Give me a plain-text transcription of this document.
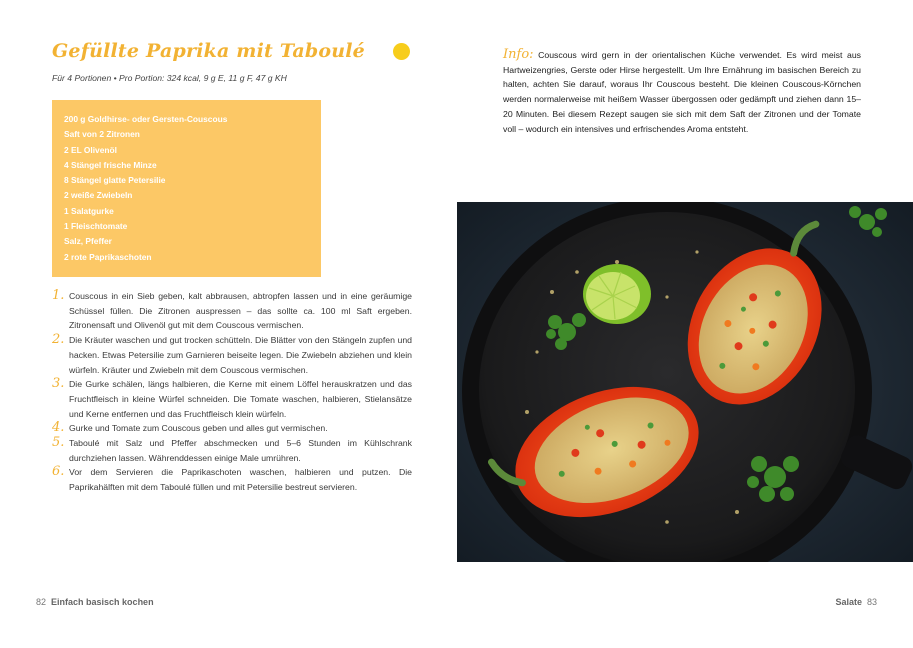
Gefüllte Paprika mit Taboulé
Für 4 Portionen • Pro Portion: 324 kcal, 9 g E, 11 g F, 47 g KH
200 g Goldhirse- oder Gersten-Couscous
Saft von 2 Zitronen
2 EL Olivenöl
4 Stängel frische Minze
8 Stängel glatte Petersilie
2 weiße Zwiebeln
1 Salatgurke
1 Fleischtomate
Salz, Pfeffer
2 rote Paprikaschoten
1. Couscous in ein Sieb geben, kalt abbrausen, abtropfen lassen und in eine geräumige Schüssel füllen. Die Zitronen auspressen – das sollte ca. 100 ml Saft ergeben. Zitronensaft und Olivenöl gut mit dem Couscous vermischen.
2. Die Kräuter waschen und gut trocken schütteln. Die Blätter von den Stängeln zupfen und hacken. Etwas Petersilie zum Garnieren beiseite legen. Die Zwiebeln abziehen und klein würfeln. Kräuter und Zwiebeln mit dem Couscous vermischen.
3. Die Gurke schälen, längs halbieren, die Kerne mit einem Löffel herauskratzen und das Fruchtfleisch in kleine Würfel schneiden. Die Tomate waschen, halbieren, Stielansätze und Kerne entfernen und das Fruchtfleisch klein würfeln.
4. Gurke und Tomate zum Couscous geben und alles gut vermischen.
5. Taboulé mit Salz und Pfeffer abschmecken und 5–6 Stunden im Kühlschrank durchziehen lassen. Währenddessen einige Male umrühren.
6. Vor dem Servieren die Paprikaschoten waschen, halbieren und putzen. Die Paprikahälften mit dem Taboulé füllen und mit Petersilie bestreut servieren.
Info: Couscous wird gern in der orientalischen Küche verwendet. Es wird meist aus Hartweizengries, Gerste oder Hirse hergestellt. Um Ihre Ernährung im basischen Bereich zu halten, achten Sie darauf, woraus Ihr Couscous besteht. Die kleinen Couscous-Körnchen werden normalerweise mit heißem Wasser übergossen oder gedämpft und ziehen dann 15–20 Minuten. Bei diesem Rezept saugen sie sich mit dem Saft der Zitronen und der Tomate voll – wodurch ein intensives und erfrischendes Aroma entsteht.
82 Einfach basisch kochen	Salate 83
